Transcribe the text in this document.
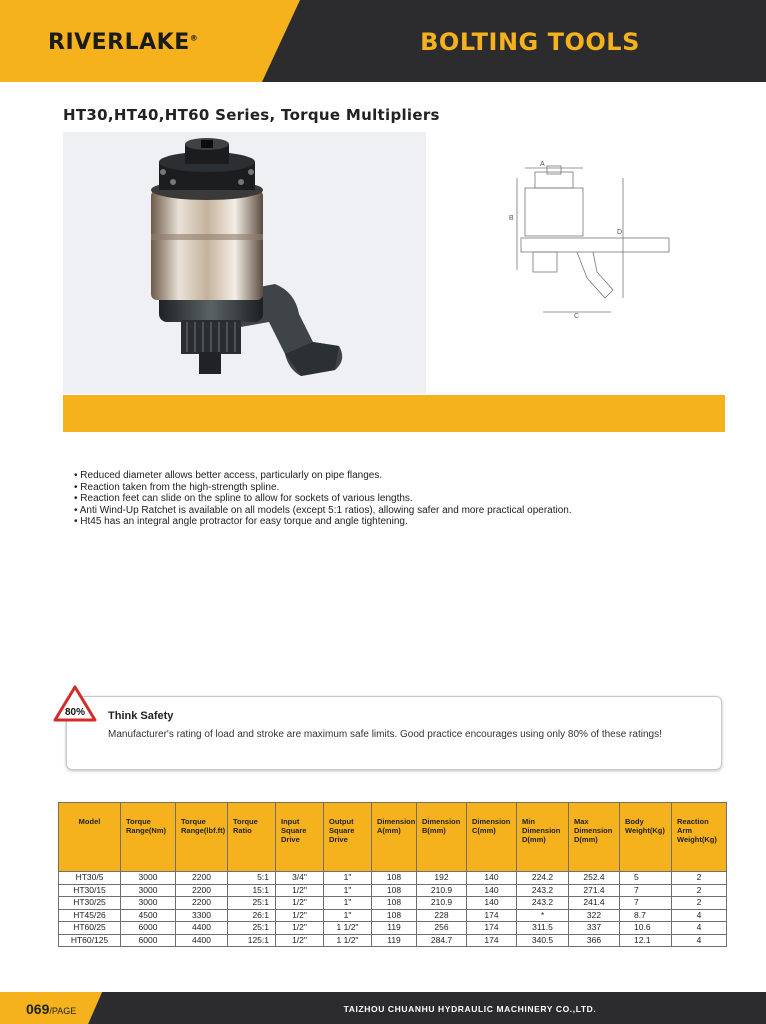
RIVERLAKE®	BOLTING TOOLS
HT30,HT40,HT60 Series, Torque Multipliers
A
B
C
D
• Reduced diameter allows better access, particularly on pipe flanges.
• Reaction taken from the high-strength spline.
• Reaction feet can slide on the spline to allow for sockets of various lengths.
• Anti Wind-Up Ratchet is available on all models (except 5:1 ratios), allowing safer and more practical operation.
• Ht45 has an integral angle protractor for easy torque and angle tightening.
80% Think Safety
Manufacturer's rating of load and stroke are maximum safe limits. Good practice encourages using only 80% of these ratings!
Model	Torque Range(Nm)	Torque Range(lbf.ft)	Torque Ratio	Input Square Drive	Output Square Drive	Dimension A(mm)	Dimension B(mm)	Dimension C(mm)	Min Dimension D(mm)	Max Dimension D(mm)	Body Weight(Kg)	Reaction Arm Weight(Kg)
HT30/5	3000	2200	5:1	3/4"	1"	108	192	140	224.2	252.4	5	2
HT30/15	3000	2200	15:1	1/2"	1"	108	210.9	140	243.2	271.4	7	2
HT30/25	3000	2200	25:1	1/2"	1"	108	210.9	140	243.2	241.4	7	2
HT45/26	4500	3300	26:1	1/2"	1"	108	228	174	*	322	8.7	4
HT60/25	6000	4400	25:1	1/2"	1 1/2"	119	256	174	311.5	337	10.6	4
HT60/125	6000	4400	125:1	1/2"	1 1/2"	119	284.7	174	340.5	366	12.1	4
069/PAGE	TAIZHOU CHUANHU HYDRAULIC MACHINERY CO.,LTD.
